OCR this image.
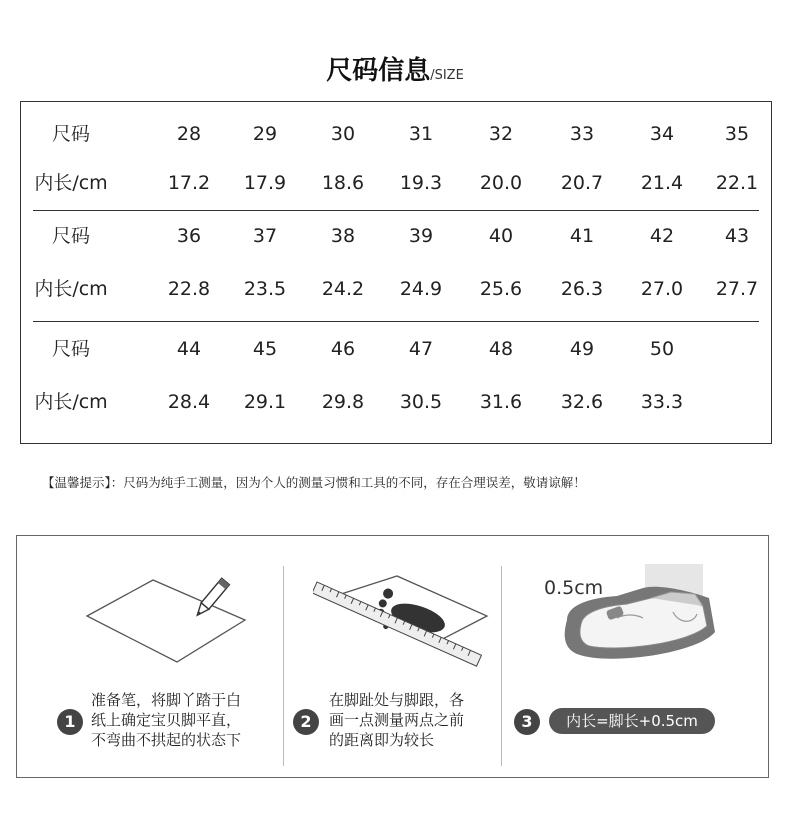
尺码信息/SIZE
尺码	28	29	30	31	32	33	34	35
内长/cm	17.2	17.9	18.6	19.3	20.0	20.7	21.4	22.1
尺码	36	37	38	39	40	41	42	43
内长/cm	22.8	23.5	24.2	24.9	25.6	26.3	27.0	27.7
尺码	44	45	46	47	48	49	50
内长/cm	28.4	29.1	29.8	30.5	31.6	32.6	33.3
【温馨提示】：尺码为纯手工测量，因为个人的测量习惯和工具的不同，存在合理误差，敬请谅解！
0.5cm
1
准备笔，将脚丫踏于白
纸上确定宝贝脚平直，
不弯曲不拱起的状态下
2
在脚趾处与脚跟，各
画一点测量两点之前
的距离即为较长
3	内长=脚长+0.5cm
